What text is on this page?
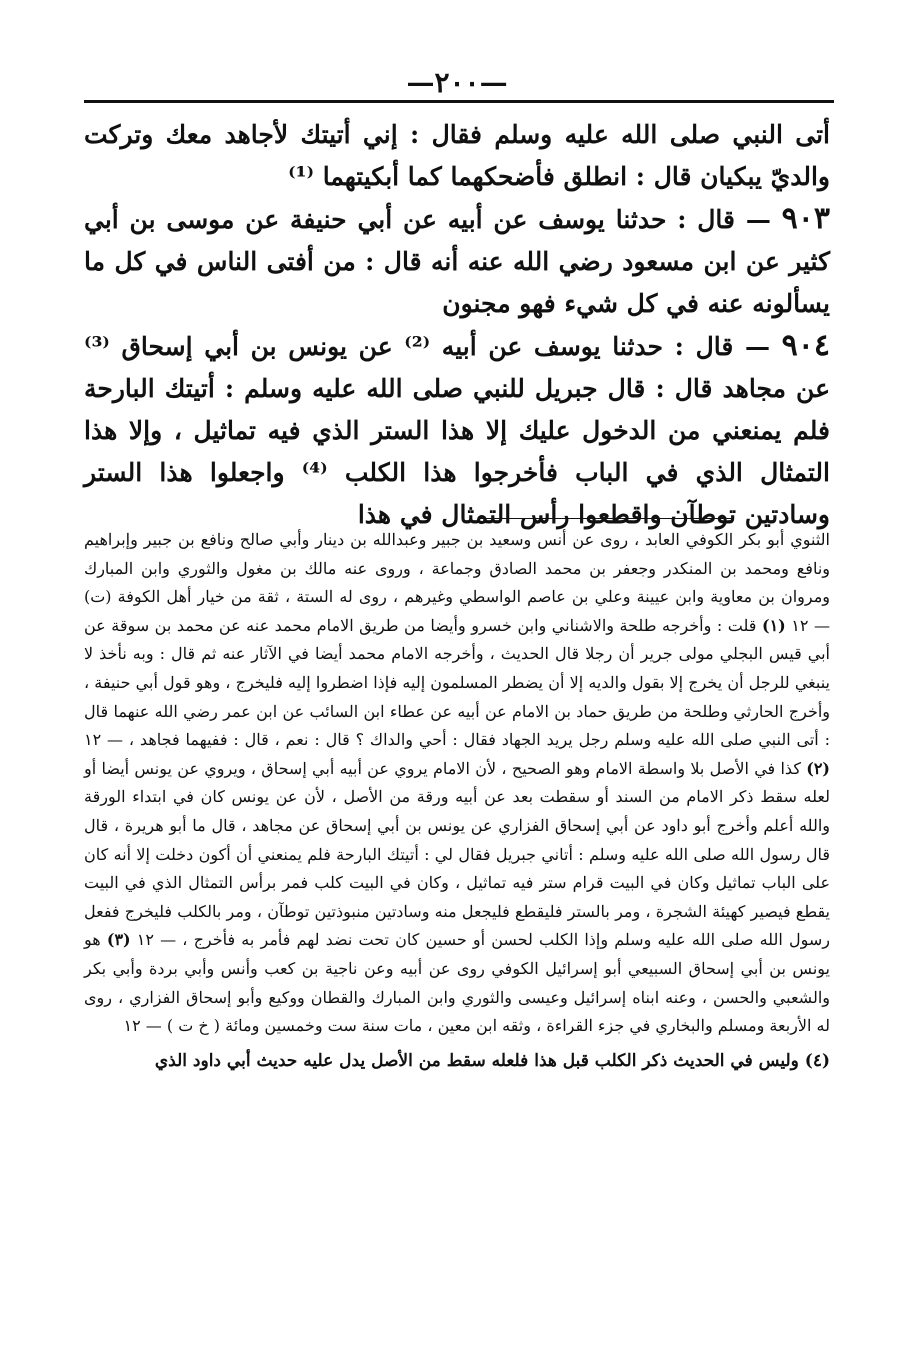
—٢٠٠—

أتى النبي صلى الله عليه وسلم فقال : إني أتيتك لأجاهد معك وتركت والديّ يبكيان قال : انطلق فأضحكهما كما أبكيتهما ⁽¹⁾

٩٠٣ — قال : حدثنا يوسف عن أبيه عن أبي حنيفة عن موسى بن أبي كثير عن ابن مسعود رضي الله عنه أنه قال : من أفتى الناس في كل ما يسألونه عنه في كل شيء فهو مجنون

٩٠٤ — قال : حدثنا يوسف عن أبيه ⁽²⁾ عن يونس بن أبي إسحاق ⁽³⁾ عن مجاهد قال : قال جبريل للنبي صلى الله عليه وسلم : أتيتك البارحة فلم يمنعني من الدخول عليك إلا هذا الستر الذي فيه تماثيل ، وإلا هذا التمثال الذي في الباب فأخرجوا هذا الكلب ⁽⁴⁾ واجعلوا هذا الستر وسادتين توطآن واقطعوا رأس التمثال في هذا

الثنوي أبو بكر الكوفي العابد ، روى عن أنس وسعيد بن جبير وعبدالله بن دينار وأبي صالح ونافع بن جبير وإبراهيم ونافع ومحمد بن المنكدر وجعفر بن محمد الصادق وجماعة ، وروى عنه مالك بن مغول والثوري وابن المبارك ومروان بن معاوية وابن عيينة وعلي بن عاصم الواسطي وغيرهم ، روى له الستة ، ثقة من خيار أهل الكوفة (ت) — ١٢ (١) قلت : وأخرجه طلحة والاشناني وابن خسرو وأيضا من طريق الامام محمد عنه عن محمد بن سوقة عن أبي قيس البجلي مولى جرير أن رجلا قال الحديث ، وأخرجه الامام محمد أيضا في الآثار عنه ثم قال : وبه نأخذ لا ينبغي للرجل أن يخرج إلا بقول والديه إلا أن يضطر المسلمون إليه فإذا اضطروا إليه فليخرج ، وهو قول أبي حنيفة ، وأخرج الحارثي وطلحة من طريق حماد بن الامام عن أبيه عن عطاء ابن السائب عن ابن عمر رضي الله عنهما قال : أتى النبي صلى الله عليه وسلم رجل يريد الجهاد فقال : أحي والداك ؟ قال : نعم ، قال : ففيهما فجاهد ، — ١٢ (٢) كذا في الأصل بلا واسطة الامام وهو الصحيح ، لأن الامام يروي عن أبيه أبي إسحاق ، ويروي عن يونس أيضا أو لعله سقط ذكر الامام من السند أو سقطت بعد عن أبيه ورقة من الأصل ، لأن عن يونس كان في ابتداء الورقة والله أعلم وأخرج أبو داود عن أبي إسحاق الفزاري عن يونس بن أبي إسحاق عن مجاهد ، قال ما أبو هريرة ، قال قال رسول الله صلى الله عليه وسلم : أتاني جبريل فقال لي : أتيتك البارحة فلم يمنعني أن أكون دخلت إلا أنه كان على الباب تماثيل وكان في البيت قرام ستر فيه تماثيل ، وكان في البيت كلب فمر برأس التمثال الذي في البيت يقطع فيصير كهيئة الشجرة ، ومر بالستر فليقطع فليجعل منه وسادتين منبوذتين توطآن ، ومر بالكلب فليخرج ففعل رسول الله صلى الله عليه وسلم وإذا الكلب لحسن أو حسين كان تحت نضد لهم فأمر به فأخرج ، — ١٢ (٣) هو يونس بن أبي إسحاق السبيعي أبو إسرائيل الكوفي روى عن أبيه وعن ناجية بن كعب وأنس وأبي بردة وأبي بكر والشعبي والحسن ، وعنه ابناه إسرائيل وعيسى والثوري وابن المبارك والقطان ووكيع وأبو إسحاق الفزاري ، روى له الأربعة ومسلم والبخاري في جزء القراءة ، وثقه ابن معين ، مات سنة ست وخمسين ومائة ( خ ت ) — ١٢

(٤) وليس في الحديث ذكر الكلب قبل هذا فلعله سقط من الأصل يدل عليه حديث أبي داود الذي
